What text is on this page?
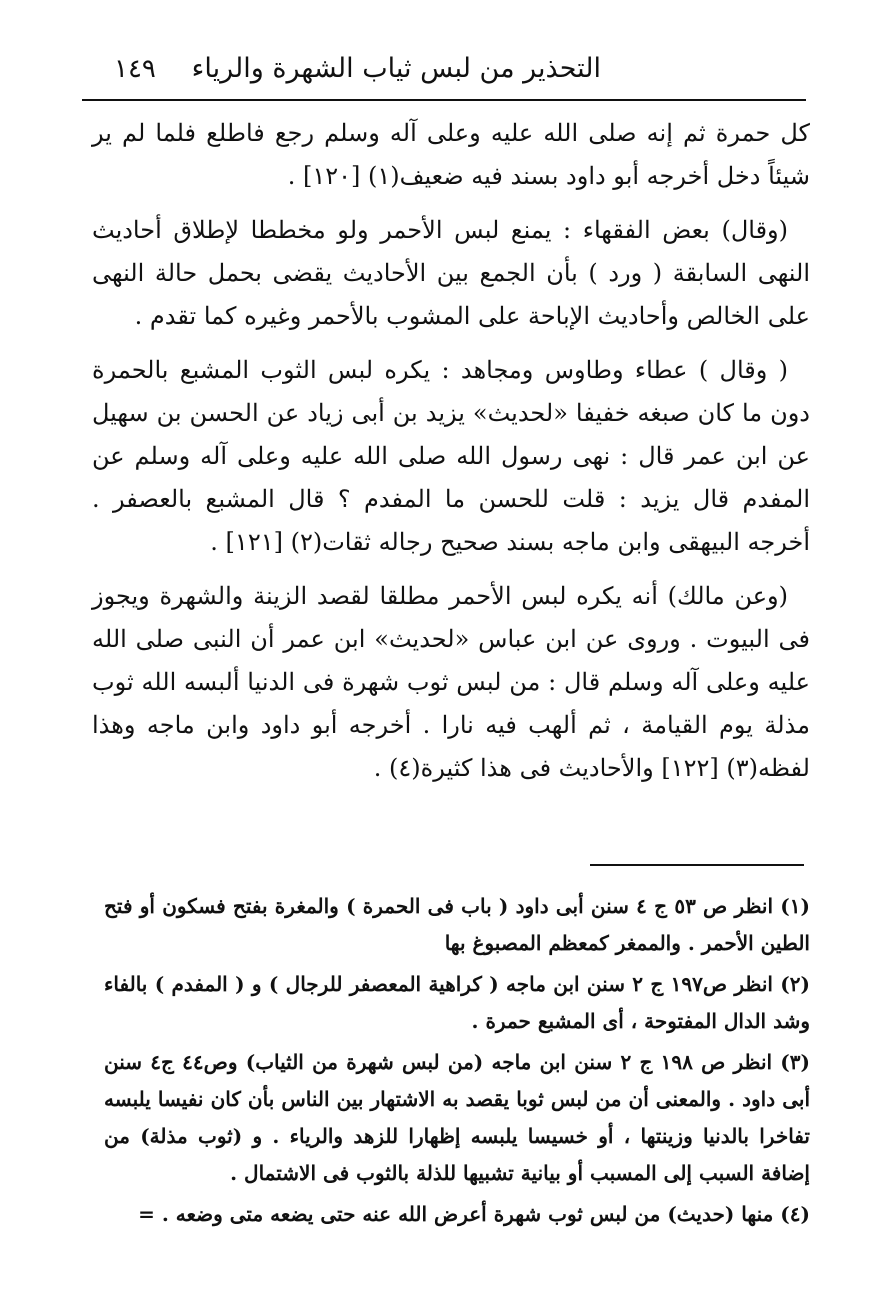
التحذير من لبس ثياب الشهرة والرياء
١٤٩

كل حمرة ثم إنه صلى الله عليه وعلى آله وسلم رجع فاطلع فلما لم ير شيئاً دخل أخرجه أبو داود بسند فيه ضعيف(١) [١٢٠] .

(وقال) بعض الفقهاء : يمنع لبس الأحمر ولو مخططا لإطلاق أحاديث النهى السابقة ( ورد ) بأن الجمع بين الأحاديث يقضى بحمل حالة النهى على الخالص وأحاديث الإباحة على المشوب بالأحمر وغيره كما تقدم .

( وقال ) عطاء وطاوس ومجاهد : يكره لبس الثوب المشبع بالحمرة دون ما كان صبغه خفيفا «لحديث» يزيد بن أبى زياد عن الحسن بن سهيل عن ابن عمر قال : نهى رسول الله صلى الله عليه وعلى آله وسلم عن المفدم قال يزيد : قلت للحسن ما المفدم ؟ قال المشبع بالعصفر . أخرجه البيهقى وابن ماجه بسند صحيح رجاله ثقات(٢) [١٢١] .

(وعن مالك) أنه يكره لبس الأحمر مطلقا لقصد الزينة والشهرة ويجوز فى البيوت . وروى عن ابن عباس «لحديث» ابن عمر أن النبى صلى الله عليه وعلى آله وسلم قال : من لبس ثوب شهرة فى الدنيا ألبسه الله ثوب مذلة يوم القيامة ، ثم ألهب فيه نارا . أخرجه أبو داود وابن ماجه وهذا لفظه(٣) [١٢٢] والأحاديث فى هذا كثيرة(٤) .

(١) انظر ص ٥٣ ج ٤ سنن أبى داود ( باب فى الحمرة ) والمغرة بفتح فسكون أو فتح الطين الأحمر . والممغر كمعظم المصبوغ بها

(٢) انظر ص١٩٧ ج ٢ سنن ابن ماجه ( كراهية المعصفر للرجال ) و ( المفدم ) بالفاء وشد الدال المفتوحة ، أى المشبع حمرة .

(٣) انظر ص ١٩٨ ج ٢ سنن ابن ماجه (من لبس شهرة من الثياب) وص٤٤ ج٤ سنن أبى داود . والمعنى أن من لبس ثوبا يقصد به الاشتهار بين الناس بأن كان نفيسا يلبسه تفاخرا بالدنيا وزينتها ، أو خسيسا يلبسه إظهارا للزهد والرياء . و (ثوب مذلة) من إضافة السبب إلى المسبب أو بيانية تشبيها للذلة بالثوب فى الاشتمال .

(٤) منها (حديث) من لبس ثوب شهرة أعرض الله عنه حتى يضعه متى وضعه . =
